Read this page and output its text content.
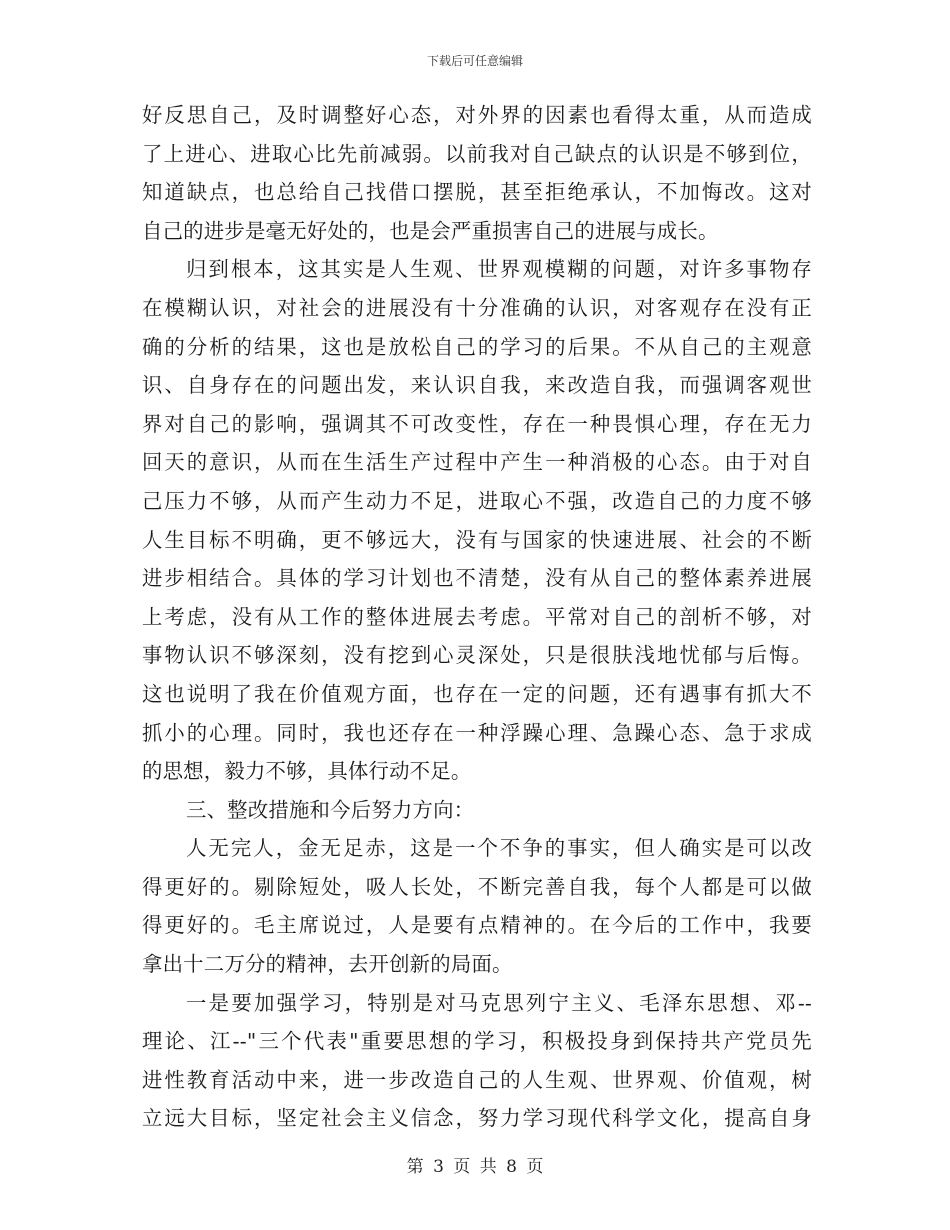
下载后可任意编辑
好反思自己，及时调整好心态，对外界的因素也看得太重，从而造成
了上进心、进取心比先前减弱。以前我对自己缺点的认识是不够到位，
知道缺点，也总给自己找借口摆脱，甚至拒绝承认，不加悔改。这对
自己的进步是毫无好处的，也是会严重损害自己的进展与成长。
归到根本，这其实是人生观、世界观模糊的问题，对许多事物存
在模糊认识，对社会的进展没有十分准确的认识，对客观存在没有正
确的分析的结果，这也是放松自己的学习的后果。不从自己的主观意
识、自身存在的问题出发，来认识自我，来改造自我，而强调客观世
界对自己的影响，强调其不可改变性，存在一种畏惧心理，存在无力
回天的意识，从而在生活生产过程中产生一种消极的心态。由于对自
己压力不够，从而产生动力不足，进取心不强，改造自己的力度不够
人生目标不明确，更不够远大，没有与国家的快速进展、社会的不断
进步相结合。具体的学习计划也不清楚，没有从自己的整体素养进展
上考虑，没有从工作的整体进展去考虑。平常对自己的剖析不够，对
事物认识不够深刻，没有挖到心灵深处，只是很肤浅地忧郁与后悔。
这也说明了我在价值观方面，也存在一定的问题，还有遇事有抓大不
抓小的心理。同时，我也还存在一种浮躁心理、急躁心态、急于求成
的思想，毅力不够，具体行动不足。
三、整改措施和今后努力方向：
人无完人，金无足赤，这是一个不争的事实，但人确实是可以改
得更好的。剔除短处，吸人长处，不断完善自我，每个人都是可以做
得更好的。毛主席说过，人是要有点精神的。在今后的工作中，我要
拿出十二万分的精神，去开创新的局面。
一是要加强学习，特别是对马克思列宁主义、毛泽东思想、邓--
理论、江--"三个代表"重要思想的学习，积极投身到保持共产党员先
进性教育活动中来，进一步改造自己的人生观、世界观、价值观，树
立远大目标，坚定社会主义信念，努力学习现代科学文化，提高自身
第 3 页 共 8 页
